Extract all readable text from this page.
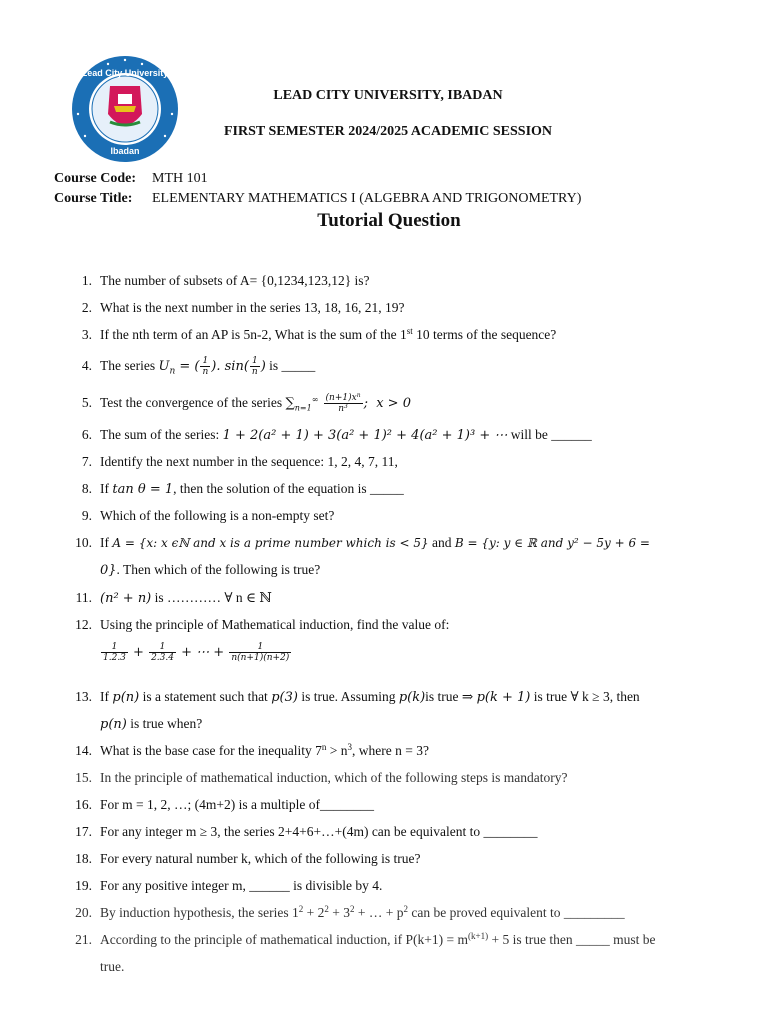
Lead City University
Ibadan
LEAD CITY UNIVERSITY, IBADAN
FIRST SEMESTER 2024/2025 ACADEMIC SESSION
Course Code: MTH 101
Course Title: ELEMENTARY MATHEMATICS I (ALGEBRA AND TRIGONOMETRY)
Tutorial Question
1. The number of subsets of A= {0,1234,123,12} is?
2. What is the next number in the series 13, 18, 16, 21, 19?
3. If the nth term of an AP is 5n-2, What is the sum of the 1st 10 terms of the sequence?
4. The series $U_n$ = ( $\frac{1}{n}$ ). $\sin( \frac{1}{n}$ ) is _____
5. Test the convergence of the series $\sum_{n=1}^\infty \frac{(n+1)x^n}{n^3}$ ;  x > 0
6. The sum of the series: 1 + 2(a² + 1) + 3(a² + 1)² + 4(a² + 1)³ + ⋯ will be ______
7. Identify the next number in the sequence: 1, 2, 4, 7, 11,
8. If tan θ = 1, then the solution of the equation is _____
9. Which of the following is a non-empty set?
10. If A = {x: x ϵℕ and x is a prime number which is < 5} and B = {y: y ∈ ℝ and y² − 5y + 6 =
0}. Then which of the following is true?
11. (n² + n) is ………… ∀ n ∈ ℕ
12. Using the principle of Mathematical induction, find the value of:
$\frac{1}{1.2.3} + \frac{1}{2.3.4}$ + ⋯ + $\frac{1}{n(n+1)(n+2)}$
13. If p(n) is a statement such that p(3) is true. Assuming p(k)is true ⇒ p(k + 1) is true ∀ k ≥ 3, then
p(n) is true when?
14. What is the base case for the inequality $7^n > n^3$, where n = 3?
15. In the principle of mathematical induction, which of the following steps is mandatory?
16. For m = 1, 2, …; (4m+2) is a multiple of________
17. For any integer m ≥ 3, the series 2+4+6+…+(4m) can be equivalent to ________
18. For every natural number k, which of the following is true?
19. For any positive integer m, ______ is divisible by 4.
20. By induction hypothesis, the series $1^2 + 2^2 + 3^2$ + … + $p^2$ can be proved equivalent to _________
21. According to the principle of mathematical induction, if $P(k+1) = m^{(k+1)} + 5$ is true then _____ must be
true.
